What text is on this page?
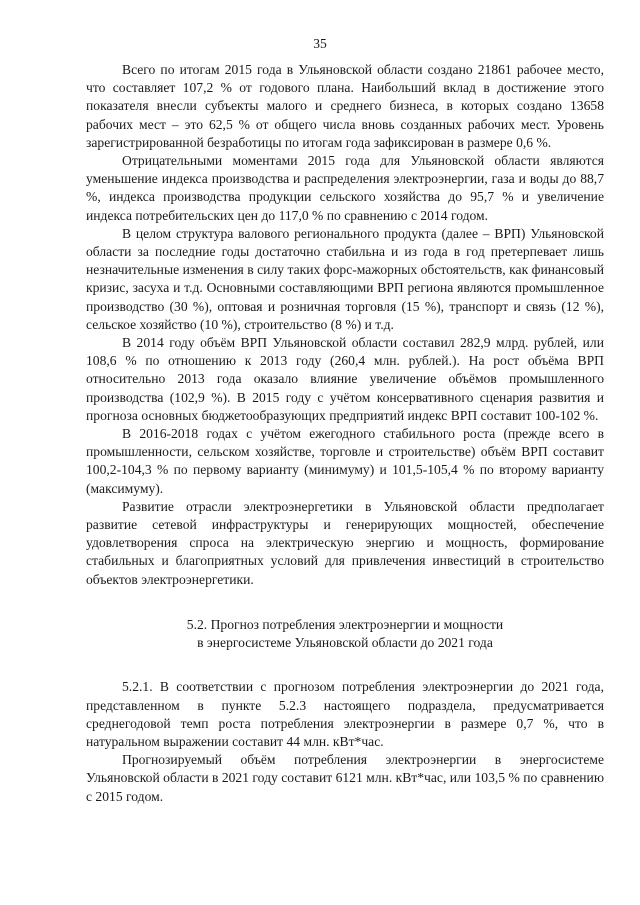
35

Всего по итогам 2015 года в Ульяновской области создано 21861 рабочее место, что составляет 107,2 % от годового плана. Наибольший вклад в достижение этого показателя внесли субъекты малого и среднего бизнеса, в которых создано 13658 рабочих мест – это 62,5 % от общего числа вновь созданных рабочих мест. Уровень зарегистрированной безработицы по итогам года зафиксирован в размере 0,6 %.

Отрицательными моментами 2015 года для Ульяновской области являются уменьшение индекса производства и распределения электроэнергии, газа и воды до 88,7 %, индекса производства продукции сельского хозяйства до 95,7 % и увеличение индекса потребительских цен до 117,0 % по сравнению с 2014 годом.

В целом структура валового регионального продукта (далее – ВРП) Ульяновской области за последние годы достаточно стабильна и из года в год претерпевает лишь незначительные изменения в силу таких форс-мажорных обстоятельств, как финансовый кризис, засуха и т.д. Основными составляющими ВРП региона являются промышленное производство (30 %), оптовая и розничная торговля (15 %), транспорт и связь (12 %), сельское хозяйство (10 %), строительство (8 %) и т.д.

В 2014 году объём ВРП Ульяновской области составил 282,9 млрд. рублей, или 108,6 % по отношению к 2013 году (260,4 млн. рублей.). На рост объёма ВРП относительно 2013 года оказало влияние увеличение объёмов промышленного производства (102,9 %). В 2015 году с учётом консервативного сценария развития и прогноза основных бюджетообразующих предприятий индекс ВРП составит 100-102 %.

В 2016-2018 годах с учётом ежегодного стабильного роста (прежде всего в промышленности, сельском хозяйстве, торговле и строительстве) объём ВРП составит 100,2-104,3 % по первому варианту (минимуму) и 101,5-105,4 % по второму варианту (максимуму).

Развитие отрасли электроэнергетики в Ульяновской области предполагает развитие сетевой инфраструктуры и генерирующих мощностей, обеспечение удовлетворения спроса на электрическую энергию и мощность, формирование стабильных и благоприятных условий для привлечения инвестиций в строительство объектов электроэнергетики.

5.2. Прогноз потребления электроэнергии и мощности
в энергосистеме Ульяновской области до 2021 года

5.2.1. В соответствии с прогнозом потребления электроэнергии до 2021 года, представленном в пункте 5.2.3 настоящего подраздела, предусматривается среднегодовой темп роста потребления электроэнергии в размере 0,7 %, что в натуральном выражении составит 44 млн. кВт*час.

Прогнозируемый объём потребления электроэнергии в энергосистеме Ульяновской области в 2021 году составит 6121 млн. кВт*час, или 103,5 % по сравнению с 2015 годом.
